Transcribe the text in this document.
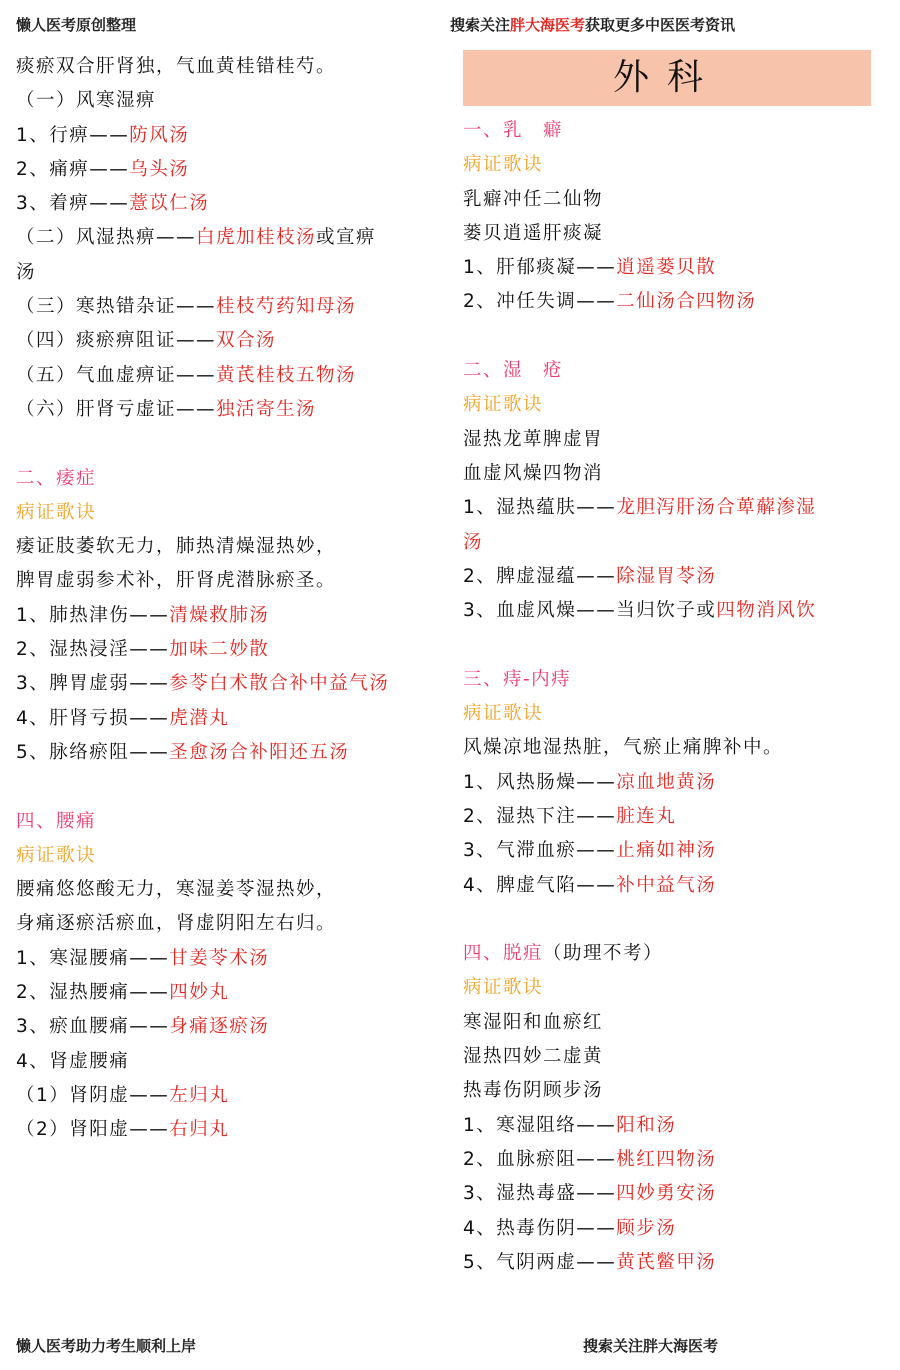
懒人医考原创整理	搜索关注胖大海医考获取更多中医医考资讯
痰瘀双合肝肾独，气血黄桂错桂芍。
（一）风寒湿痹
1、行痹——防风汤
2、痛痹——乌头汤
3、着痹——薏苡仁汤
（二）风湿热痹——白虎加桂枝汤或宣痹
汤
（三）寒热错杂证——桂枝芍药知母汤
（四）痰瘀痹阻证——双合汤
（五）气血虚痹证——黄芪桂枝五物汤
（六）肝肾亏虚证——独活寄生汤
二、痿症
病证歌诀
痿证肢萎软无力，肺热清燥湿热妙，
脾胃虚弱参术补，肝肾虎潜脉瘀圣。
1、肺热津伤——清燥救肺汤
2、湿热浸淫——加味二妙散
3、脾胃虚弱——参苓白术散合补中益气汤
4、肝肾亏损——虎潜丸
5、脉络瘀阻——圣愈汤合补阳还五汤
四、腰痛
病证歌诀
腰痛悠悠酸无力，寒湿姜苓湿热妙，
身痛逐瘀活瘀血，肾虚阴阳左右归。
1、寒湿腰痛——甘姜苓术汤
2、湿热腰痛——四妙丸
3、瘀血腰痛——身痛逐瘀汤
4、肾虚腰痛
（1）肾阴虚——左归丸
（2）肾阳虚——右归丸
外科
一、乳　癖
病证歌诀
乳癖冲任二仙物
蒌贝逍遥肝痰凝
1、肝郁痰凝——逍遥蒌贝散
2、冲任失调——二仙汤合四物汤
二、湿　疮
病证歌诀
湿热龙萆脾虚胃
血虚风燥四物消
1、湿热蕴肤——龙胆泻肝汤合萆薢渗湿
汤
2、脾虚湿蕴——除湿胃苓汤
3、血虚风燥——当归饮子或四物消风饮
三、痔-内痔
病证歌诀
风燥凉地湿热脏，气瘀止痛脾补中。
1、风热肠燥——凉血地黄汤
2、湿热下注——脏连丸
3、气滞血瘀——止痛如神汤
4、脾虚气陷——补中益气汤
四、脱疽（助理不考）
病证歌诀
寒湿阳和血瘀红
湿热四妙二虚黄
热毒伤阴顾步汤
1、寒湿阻络——阳和汤
2、血脉瘀阻——桃红四物汤
3、湿热毒盛——四妙勇安汤
4、热毒伤阴——顾步汤
5、气阴两虚——黄芪鳖甲汤
懒人医考助力考生顺利上岸	搜索关注胖大海医考
